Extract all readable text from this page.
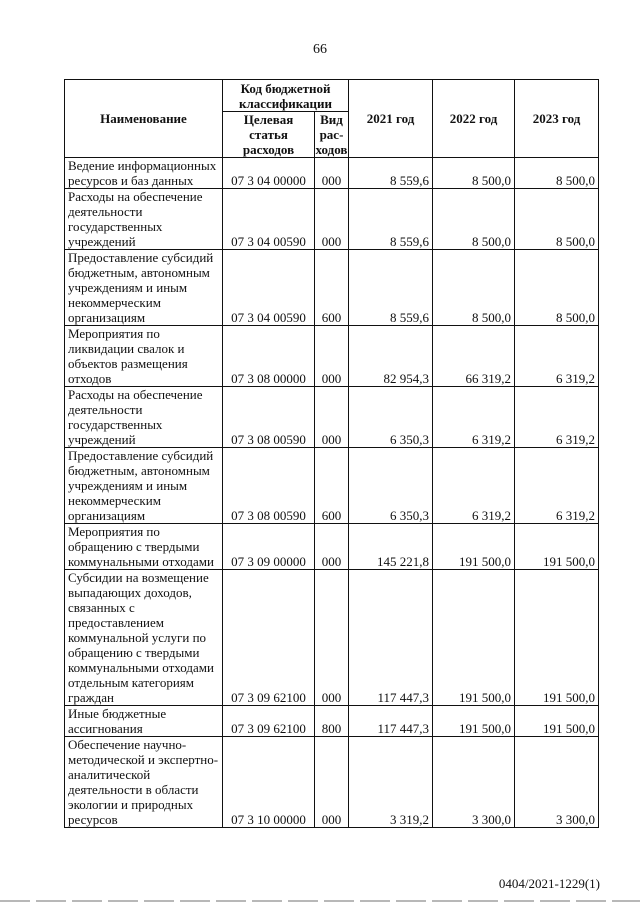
66
Наименование	Код бюджетной классификации		2021 год	2022 год	2023 год
	Целевая статья расходов	Вид рас-ходов			
Ведение информационных ресурсов и баз данных	07 3 04 00000	000	8 559,6	8 500,0	8 500,0
Расходы на обеспечение деятельности государственных учреждений	07 3 04 00590	000	8 559,6	8 500,0	8 500,0
Предоставление субсидий бюджетным, автономным учреждениям и иным некоммерческим организациям	07 3 04 00590	600	8 559,6	8 500,0	8 500,0
Мероприятия по ликвидации свалок и объектов размещения отходов	07 3 08 00000	000	82 954,3	66 319,2	6 319,2
Расходы на обеспечение деятельности государственных учреждений	07 3 08 00590	000	6 350,3	6 319,2	6 319,2
Предоставление субсидий бюджетным, автономным учреждениям и иным некоммерческим организациям	07 3 08 00590	600	6 350,3	6 319,2	6 319,2
Мероприятия по обращению с твердыми коммунальными отходами	07 3 09 00000	000	145 221,8	191 500,0	191 500,0
Субсидии на возмещение выпадающих доходов, связанных с предоставлением коммунальной услуги по обращению с твердыми коммунальными отходами отдельным категориям граждан	07 3 09 62100	000	117 447,3	191 500,0	191 500,0
Иные бюджетные ассигнования	07 3 09 62100	800	117 447,3	191 500,0	191 500,0
Обеспечение научно-методической и экспертно-аналитической деятельности в области экологии и природных ресурсов	07 3 10 00000	000	3 319,2	3 300,0	3 300,0
0404/2021-1229(1)
